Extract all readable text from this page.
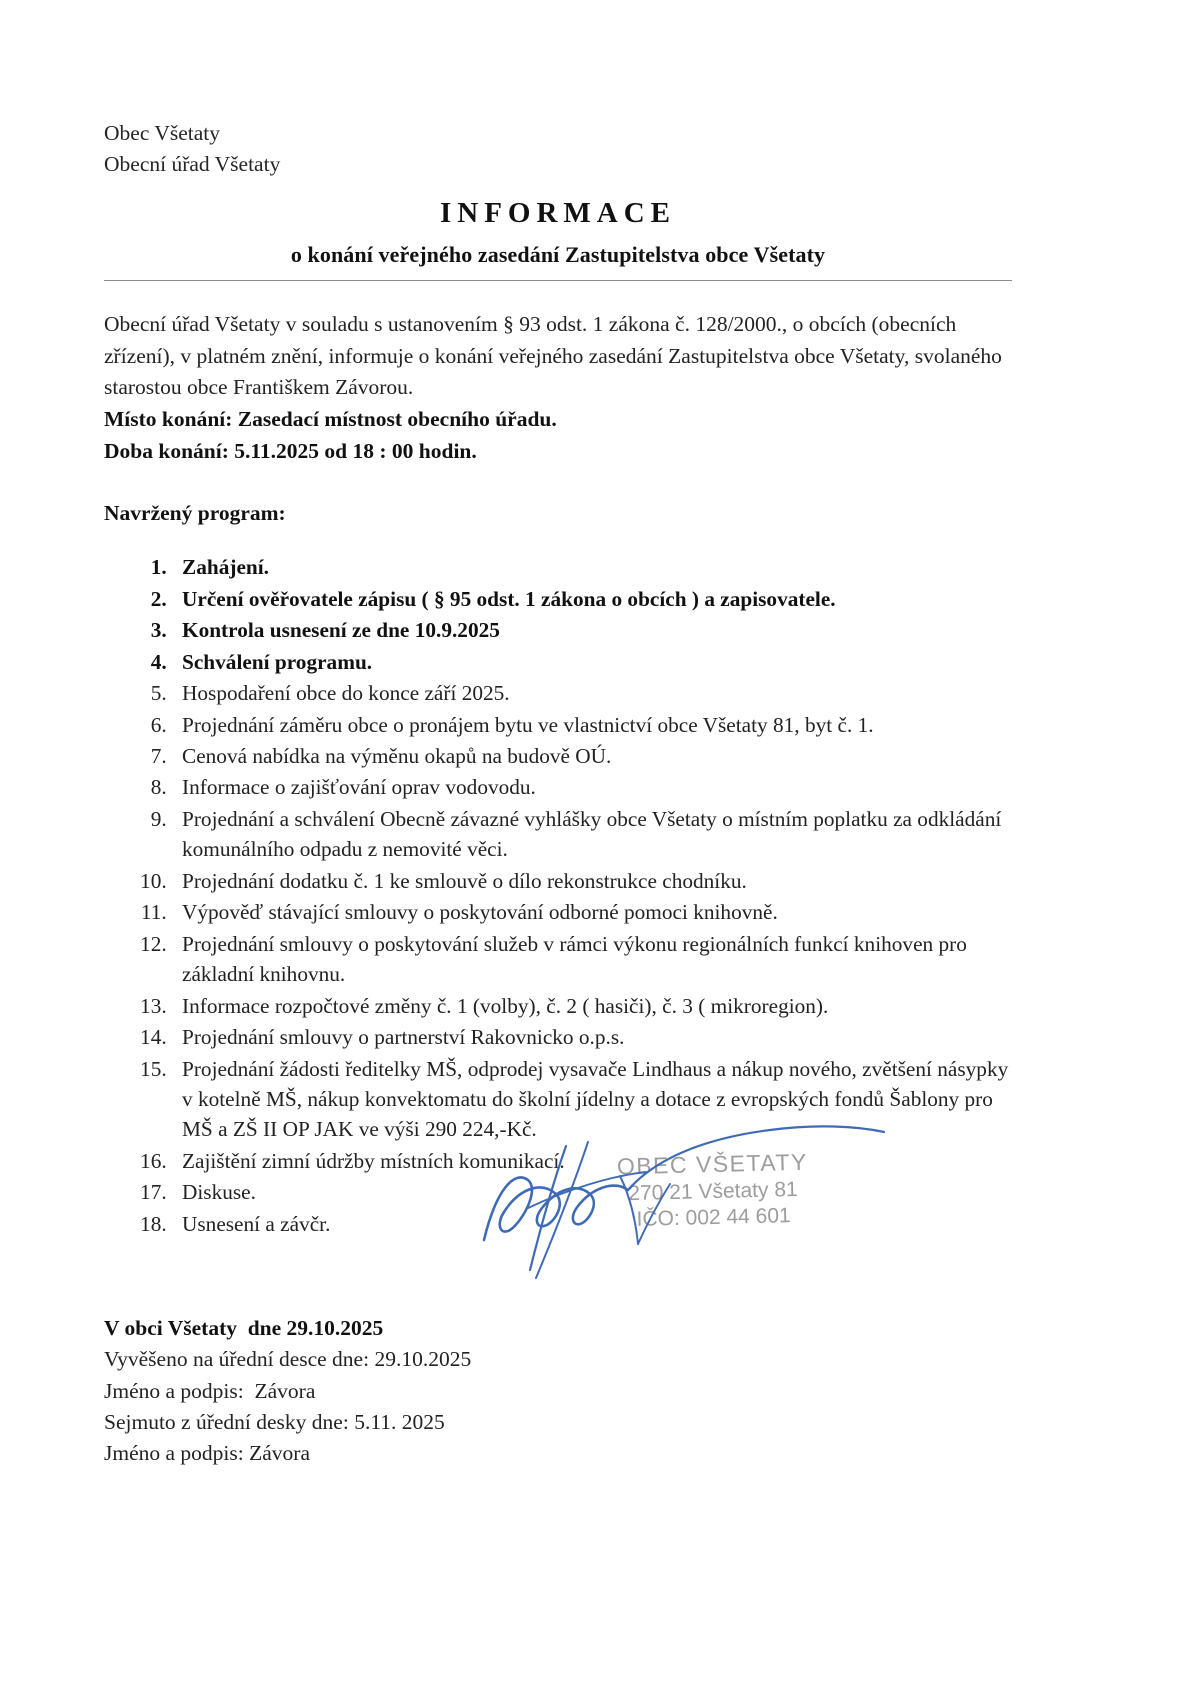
Obec Všetaty
Obecní úřad Všetaty
INFORMACE
o konání veřejného zasedání Zastupitelstva obce Všetaty

Obecní úřad Všetaty v souladu s ustanovením § 93 odst. 1 zákona č. 128/2000., o obcích (obecních zřízení), v platném znění, informuje o konání veřejného zasedání Zastupitelstva obce Všetaty, svolaného starostou obce Františkem Závorou.

Místo konání: Zasedací místnost obecního úřadu.
Doba konání: 5.11.2025 od 18 : 00 hodin.
Navržený program:
1. Zahájení.
2. Určení ověřovatele zápisu ( § 95 odst. 1 zákona o obcích ) a zapisovatele.
3. Kontrola usnesení ze dne 10.9.2025
4. Schválení programu.
5. Hospodaření obce do konce září 2025.
6. Projednání záměru obce o pronájem bytu ve vlastnictví obce Všetaty 81, byt č. 1.
7. Cenová nabídka na výměnu okapů na budově OÚ.
8. Informace o zajišťování oprav vodovodu.
9. Projednání a schválení Obecně závazné vyhlášky obce Všetaty o místním poplatku za odkládání komunálního odpadu z nemovité věci.
10. Projednání dodatku č. 1 ke smlouvě o dílo rekonstrukce chodníku.
11. Výpověď stávající smlouvy o poskytování odborné pomoci knihovně.
12. Projednání smlouvy o poskytování služeb v rámci výkonu regionálních funkcí knihoven pro základní knihovnu.
13. Informace rozpočtové změny č. 1 (volby), č. 2 ( hasiči), č. 3 ( mikroregion).
14. Projednání smlouvy o partnerství Rakovnicko o.p.s.
15. Projednání žádosti ředitelky MŠ, odprodej vysavače Lindhaus a nákup nového, zvětšení násypky v kotelně MŠ, nákup konvektomatu do školní jídelny a dotace z evropských fondů Šablony pro MŠ a ZŠ II OP JAK ve výši 290 224,-Kč.
16. Zajištění zimní údržby místních komunikací.
17. Diskuse.
18. Usnesení a závčr.
V obci Všetaty  dne 29.10.2025
Vyvěšeno na úřední desce dne: 29.10.2025
Jméno a podpis:  Závora
Sejmuto z úřední desky dne: 5.11. 2025
Jméno a podpis: Závora
OBEC VŠETATY
270 21 Všetaty 81
IČO: 002 44 601
